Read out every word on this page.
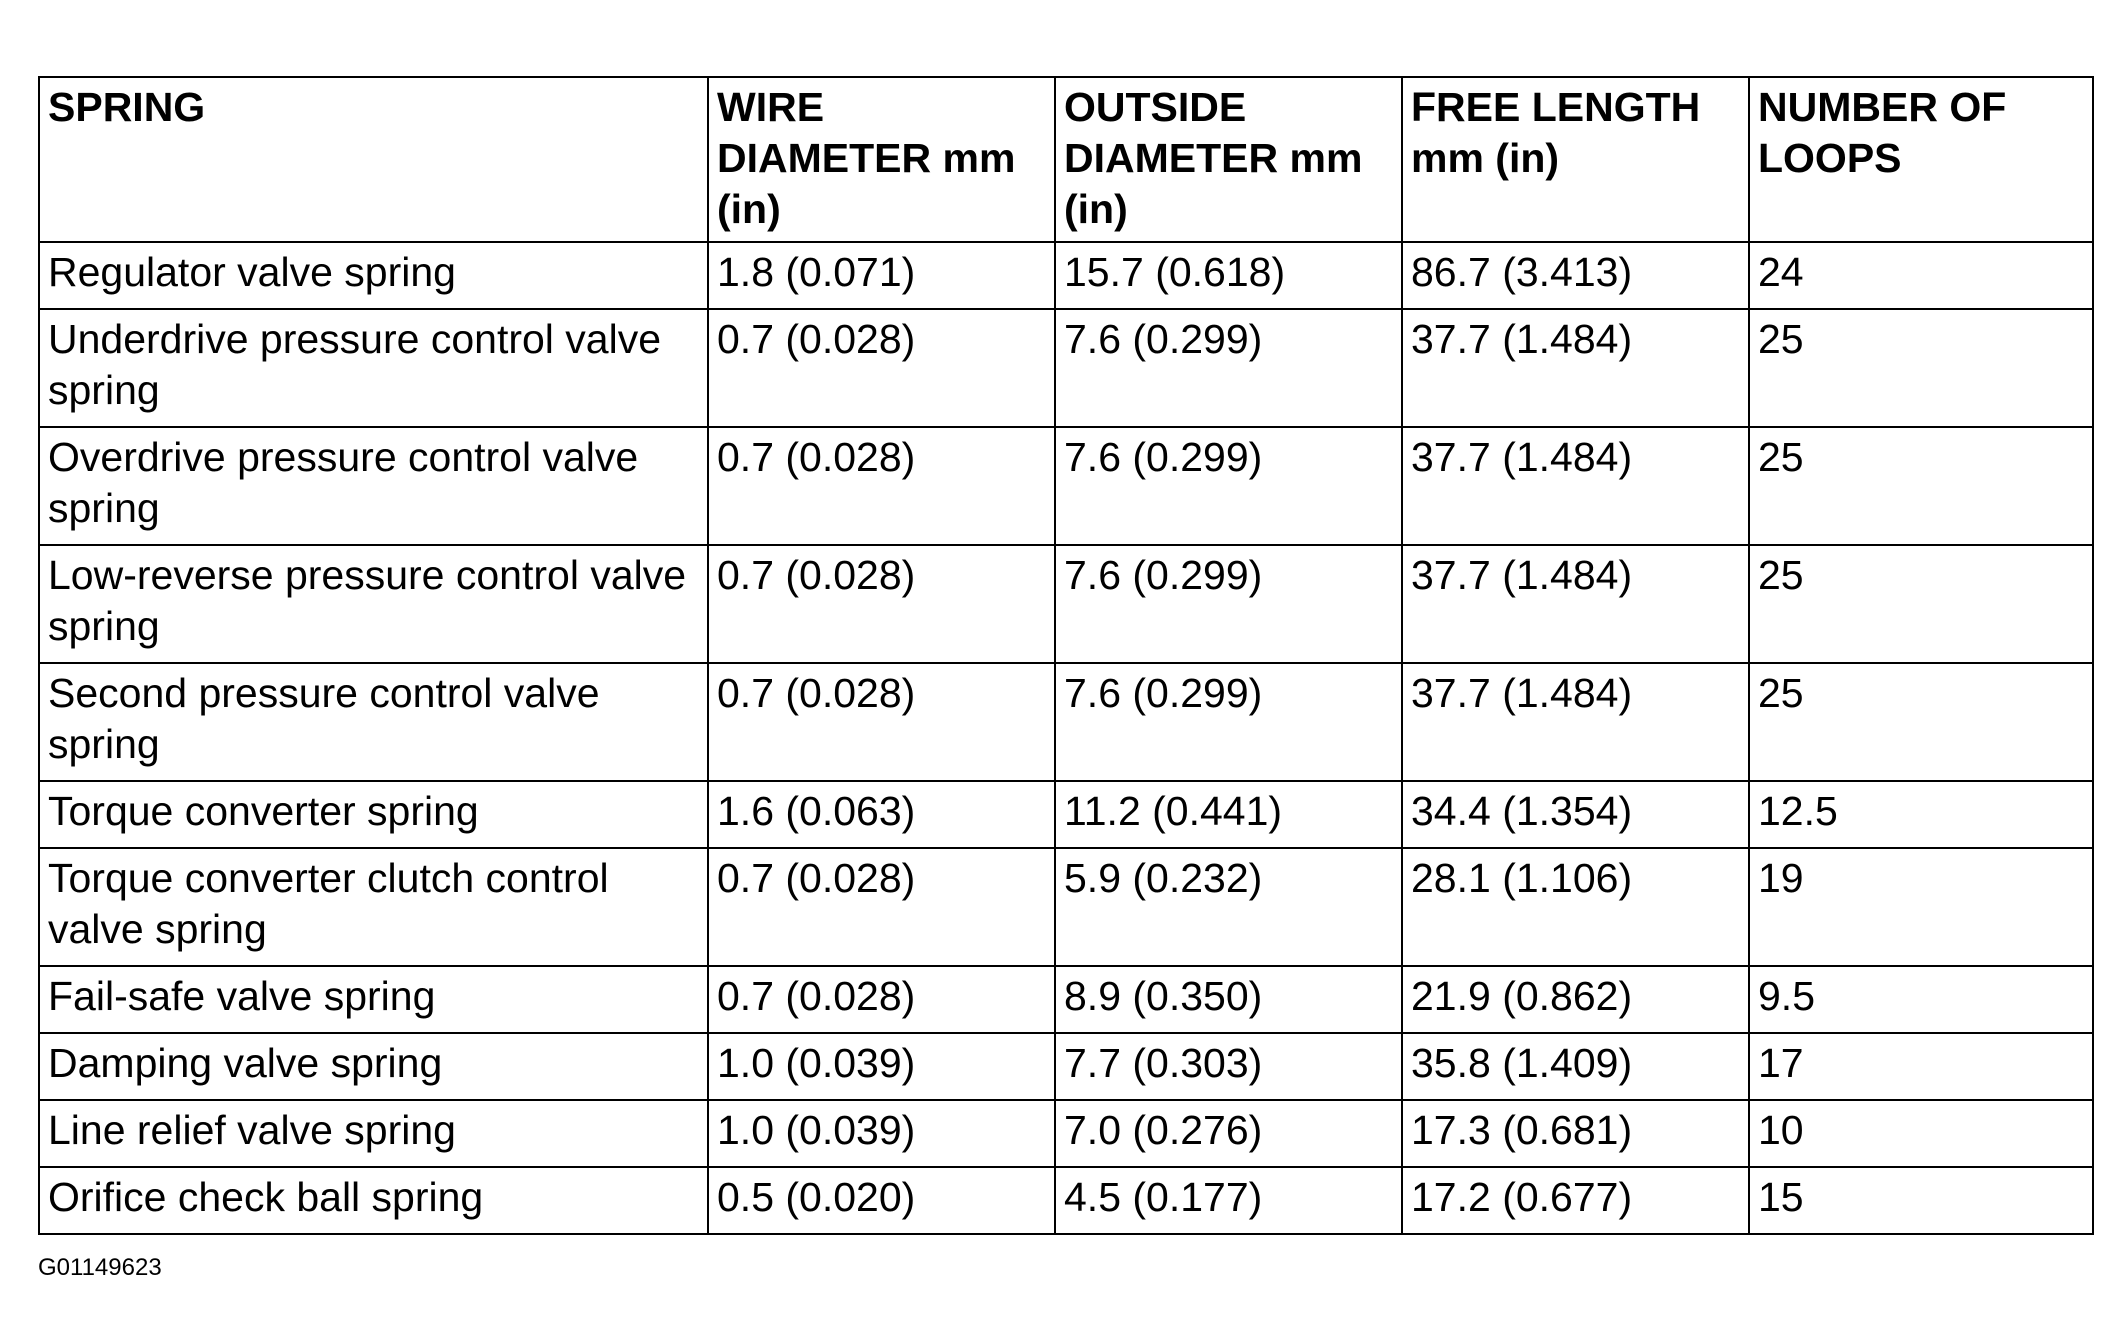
SPRING	WIRE DIAMETER mm (in)	OUTSIDE DIAMETER mm (in)	FREE LENGTH mm (in)	NUMBER OF LOOPS
Regulator valve spring	1.8 (0.071)	15.7 (0.618)	86.7 (3.413)	24
Underdrive pressure control valve spring	0.7 (0.028)	7.6 (0.299)	37.7 (1.484)	25
Overdrive pressure control valve spring	0.7 (0.028)	7.6 (0.299)	37.7 (1.484)	25
Low-reverse pressure control valve spring	0.7 (0.028)	7.6 (0.299)	37.7 (1.484)	25
Second pressure control valve spring	0.7 (0.028)	7.6 (0.299)	37.7 (1.484)	25
Torque converter spring	1.6 (0.063)	11.2 (0.441)	34.4 (1.354)	12.5
Torque converter clutch control valve spring	0.7 (0.028)	5.9 (0.232)	28.1 (1.106)	19
Fail-safe valve spring	0.7 (0.028)	8.9 (0.350)	21.9 (0.862)	9.5
Damping valve spring	1.0 (0.039)	7.7 (0.303)	35.8 (1.409)	17
Line relief valve spring	1.0 (0.039)	7.0 (0.276)	17.3 (0.681)	10
Orifice check ball spring	0.5 (0.020)	4.5 (0.177)	17.2 (0.677)	15
G01149623
